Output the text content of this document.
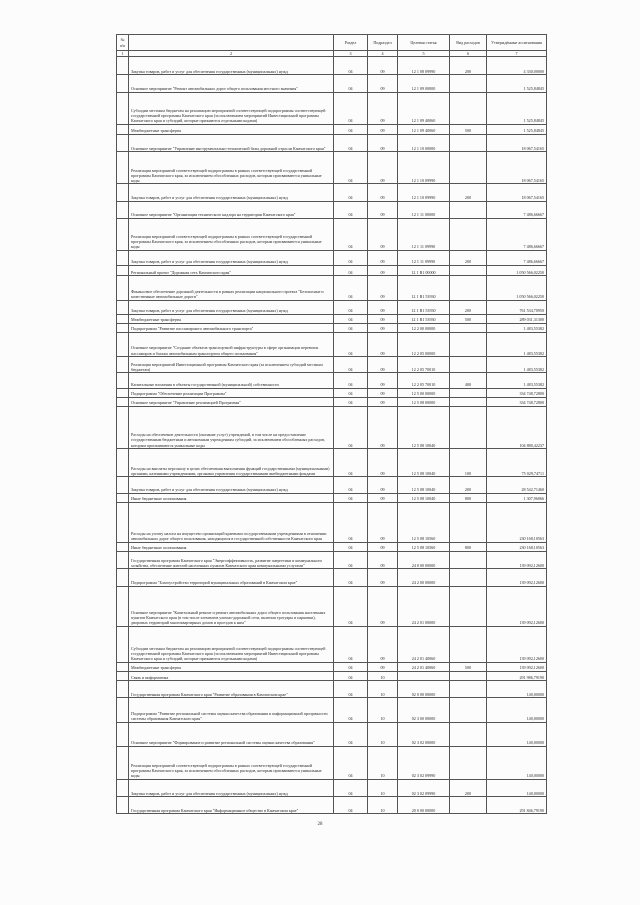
№ п/п		Раздел	Подраздел	Целевая статья	Вид расходов	Утверждённые ассигнования
1	2	3	4	5	6	7
	Закупка товаров, работ и услуг для обеспечения государственных (муниципальных) нужд	04	09	12 1 08 09990	200	4 330,00000
	Основное мероприятие "Ремонт автомобильных дорог общего пользования местного значения"	04	09	12 1 09 00000		1 525,84845
	Субсидии местным бюджетам на реализацию мероприятий соответствующей подпрограммы соответствующей государственной программы Камчатского края (за исключением мероприятий Инвестиционной программы Камчатского края и субсидий, которые признаются отдельными кодами)	04	09	12 1 09 40060		1 525,84845
	Межбюджетные трансферты	04	09	12 1 09 40060	500	1 525,84845
	Основное мероприятие "Управление инструментально-технической базы дорожной отрасли Камчатского края"	04	09	12 1 10 00000		18 067,54165
	Реализация мероприятий соответствующей подпрограммы в рамках соответствующей государственной программы Камчатского края, за исключением обособленных расходов, которым присваиваются уникальные коды	04	09	12 1 10 09990		18 067,54165
	Закупка товаров, работ и услуг для обеспечения государственных (муниципальных) нужд	04	09	12 1 10 09990	200	18 067,54165
	Основное мероприятие "Организация технического надзора на территории Камчатского края"	04	09	12 1 11 00000		7 486,66667
	Реализация мероприятий соответствующей подпрограммы в рамках соответствующей государственной программы Камчатского края, за исключением обособленных расходов, которым присваиваются уникальные коды	04	09	12 1 11 09990		7 486,66667
	Закупка товаров, работ и услуг для обеспечения государственных (муниципальных) нужд	04	09	12 1 11 09990	200	7 486,66667
	Региональный проект "Дорожная сеть Камчатского края"	04	09	12 1 R1 00000		1 050 566,02250
	Финансовое обеспечение дорожной деятельности в рамках реализации национального проекта "Безопасные и качественные автомобильные дороги"	04	09	12 1 R1 53930		1 050 566,02250
	Закупка товаров, работ и услуг для обеспечения государственных (муниципальных) нужд	04	09	12 1 R1 53930	200	761 534,70950
	Межбюджетные трансферты	04	09	12 1 R1 53930	500	289 031,31300
	Подпрограмма "Развитие пассажирского автомобильного транспорта"	04	09	12 2 00 00000		1 483,55382
	Основное мероприятие "Создание объектов транспортной инфраструктуры в сфере организации перевозок пассажиров и багажа автомобильным транспортом общего пользования"	04	09	12 2 05 00000		1 483,55382
	Реализация мероприятий Инвестиционной программы Камчатского края (за исключением субсидий местным бюджетам)	04	09	12 2 05 70010		1 483,55382
	Капитальные вложения в объекты государственной (муниципальной) собственности	04	09	12 2 05 70010	400	1 483,55382
	Подпрограмма "Обеспечение реализации Программы"	04	09	12 5 00 00000		334 748,72800
	Основное мероприятие "Управление реализацией Программы"	04	09	12 5 08 00000		334 748,72800
	Расходы на обеспечение деятельности (оказание услуг) учреждений, в том числе на предоставление государственным бюджетным и автономным учреждениям субсидий, за исключением обособленных расходов, которым присваиваются уникальные коды	04	09	12 5 08 10040		104 880,42237
	Расходы на выплаты персоналу в целях обеспечения выполнения функций государственными (муниципальными) органами, казенными учреждениями, органами управления государственными внебюджетными фондами	04	09	12 5 08 10040	100	75 029,74711
	Закупка товаров, работ и услуг для обеспечения государственных (муниципальных) нужд	04	09	12 5 08 10040	200	28 542,71460
	Иные бюджетные ассигнования	04	09	12 5 08 10040	800	1 307,96066
	Расходы на уплату налога на имущество организаций краевыми государственными учреждениями в отношении автомобильных дорог общего пользования, находящихся в государственной собственности Камчатского края	04	09	12 5 08 10560		230 168,10563
	Иные бюджетные ассигнования	04	09	12 5 08 10560	800	230 168,10563
	Государственная программа Камчатского края "Энергоэффективность, развитие энергетики и коммунального хозяйства, обеспечение жителей населенных пунктов Камчатского края коммунальными услугами"	04	09	24 0 00 00000		139 092,12600
	Подпрограмма "Благоустройство территорий муниципальных образований в Камчатском крае"	04	09	24 2 00 00000		139 092,12600
	Основное мероприятие "Капитальный ремонт и ремонт автомобильных дорог общего пользования населенных пунктов Камчатского края (в том числе элементов улично-дорожной сети, включая тротуары и парковки), дворовых территорий многоквартирных домов и проездов к ним"	04	09	24 2 01 00000		139 092,12600
	Субсидии местным бюджетам на реализацию мероприятий соответствующей подпрограммы соответствующей государственной программы Камчатского края (за исключением мероприятий Инвестиционной программы Камчатского края и субсидий, которые признаются отдельными кодами)	04	09	24 2 01 40060		139 092,12600
	Межбюджетные трансферты	04	09	24 2 01 40060	500	139 092,12600
	Связь и информатика	04	10			291 986,79190
	Государственная программа Камчатского края "Развитие образования в Камчатском крае"	04	10	02 0 00 00000		140,00000
	Подпрограмма "Развитие региональной системы оценки качества образования и информационной прозрачности системы образования Камчатского края"	04	10	02 3 00 00000		140,00000
	Основное мероприятие "Формирование и развитие региональной системы оценки качества образования"	04	10	02 3 02 00000		140,00000
	Реализация мероприятий соответствующей подпрограммы в рамках соответствующей государственной программы Камчатского края, за исключением обособленных расходов, которым присваиваются уникальные коды	04	10	02 3 02 09990		140,00000
	Закупка товаров, работ и услуг для обеспечения государственных (муниципальных) нужд	04	10	02 3 02 09990	200	140,00000
	Государственная программа Камчатского края "Информационное общество в Камчатском крае"	04	10	20 0 00 00000		291 846,79190
28
